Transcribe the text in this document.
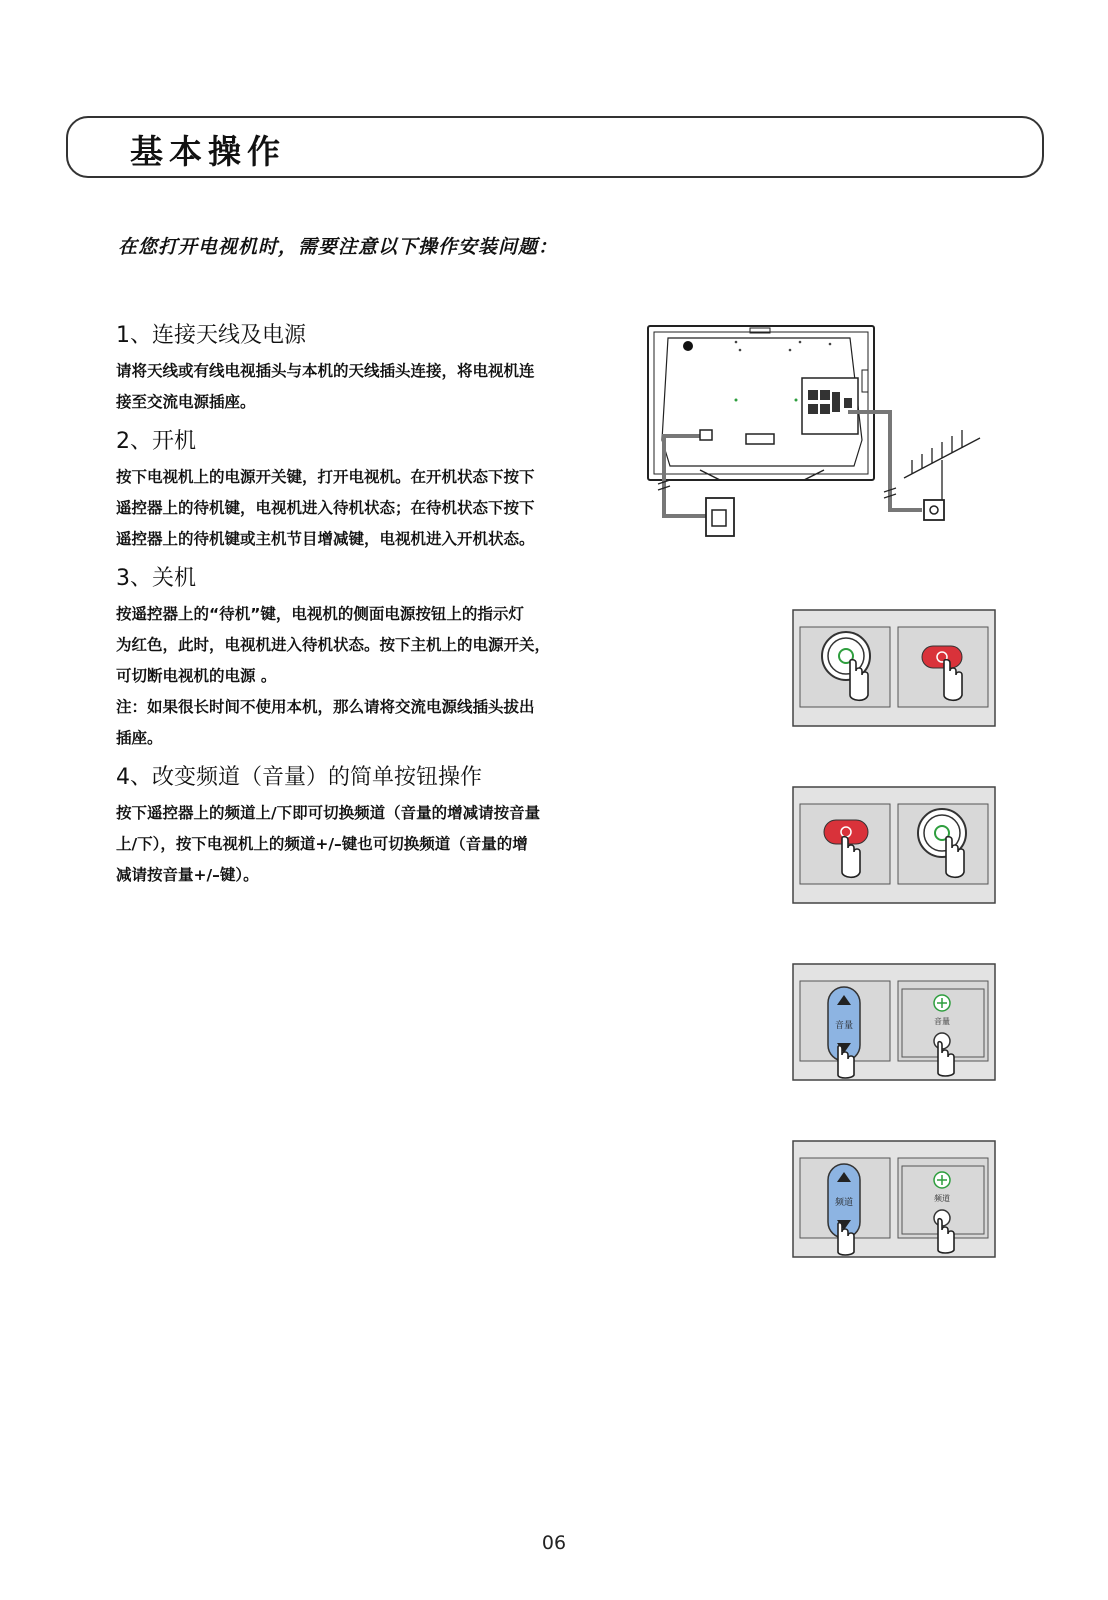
基本操作
在您打开电视机时，需要注意以下操作安装问题：
1、连接天线及电源

请将天线或有线电视插头与本机的天线插头连接，将电视机连

接至交流电源插座。

2、开机

按下电视机上的电源开关键，打开电视机。在开机状态下按下

遥控器上的待机键，电视机进入待机状态；在待机状态下按下

遥控器上的待机键或主机节目增减键，电视机进入开机状态。

3、关机

按遥控器上的“待机”键，电视机的侧面电源按钮上的指示灯

为红色，此时，电视机进入待机状态。按下主机上的电源开关，

可切断电视机的电源 。

注：如果很长时间不使用本机，那么请将交流电源线插头拔出

插座。

4、改变频道（音量）的简单按钮操作

按下遥控器上的频道上/下即可切换频道（音量的增减请按音量

上/下），按下电视机上的频道+/–键也可切换频道（音量的增

减请按音量+/–键）。

音量	音量
频道	频道
06
